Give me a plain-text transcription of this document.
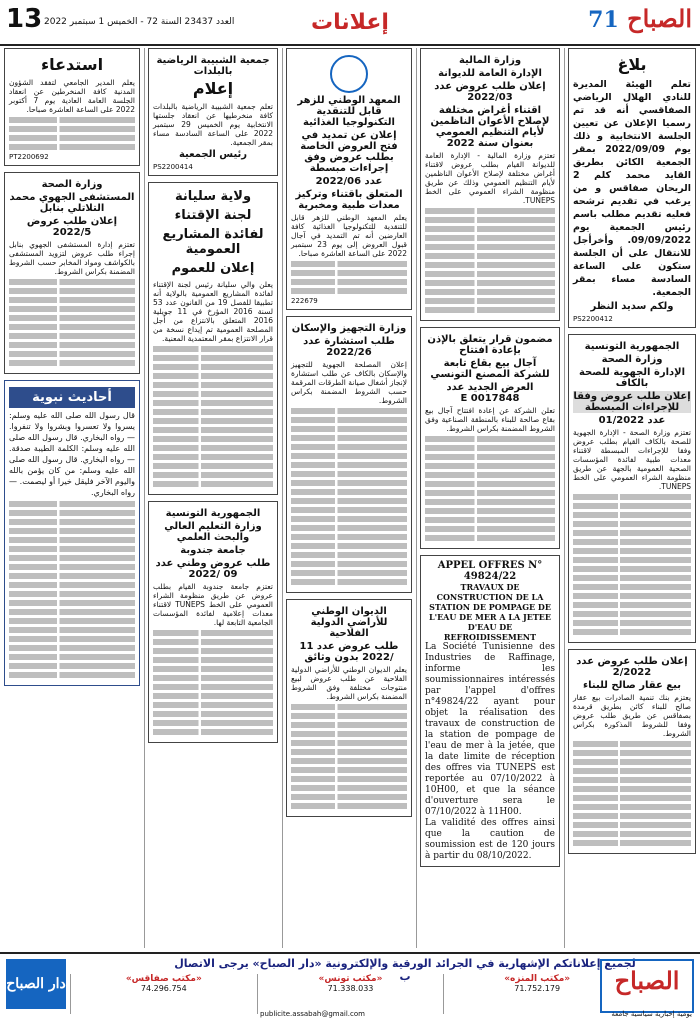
13 العدد 23437 السنة 72 - الخميس 1 سبتمبر 2022	إعلانات	الصباح 71
بلاغ
تعلم الهيئة المديرة للنادي الهلال الرياضي الصفاقسي أنه قد تم رسميا الإعلان عن تعيين الجلسة الانتخابية و ذلك يوم 2022/09/09 بمقر الجمعية الكائن بطريق القايد محمد كلم 2 الريحان صفاقس و من يرغب في تقديم ترشحه فعليه تقديم مطلب باسم رئيس الجمعية يوم 09/09/2022. وأخرأجل للانتقال على أن الجلسة ستكون على الساعة السادسة مساء بمقر الجمعية.
ولكم سديد النظر
PS2200412
الجمهورية التونسية
وزارة الصحة
الإدارة الجهوية للصحة بالكاف
إعلان طلب عروض وفقا للإجراءات المبسطة
عدد 01/2022
تعتزم وزارة الصحة - الإدارة الجهوية للصحة بالكاف القيام بطلب عروض وفقا للإجراءات المبسطة لاقتناء معدات طبية لفائدة المؤسسات الصحية العمومية بالجهة عن طريق منظومة الشراء العمومي على الخط TUNEPS.
إعلان طلب عروض عدد 2/2022
بيع عقار صالح للبناء
يعتزم بنك تنمية الصادرات بيع عقار صالح للبناء كائن بطريق قرمدة بصفاقس عن طريق طلب عروض وفقا للشروط المذكورة بكراس الشروط.
وزارة المالية
الإدارة العامة للديوانة
إعلان طلب عروض عدد 2022/03
اقتناء أغراض مختلفة لإصلاح الأعوان الناظمين لأيام التنظيم العمومي بعنوان سنة 2022
تعتزم وزارة المالية - الإدارة العامة للديوانة القيام بطلب عروض لاقتناء أغراض مختلفة لإصلاح الأعوان الناظمين لأيام التنظيم العمومي وذلك عن طريق منظومة الشراء العمومي على الخط TUNEPS.
مضمون قرار يتعلق بالإذن بإعادة افتتاح
آجال بيع بقاع تابعة للشركة المصنع التونسي
العرض الجديد عدد 0017848 E
تعلن الشركة عن إعادة افتتاح آجال بيع بقاع صالحة للبناء بالمنطقة الصناعية وفق الشروط المضمنة بكراس الشروط.
APPEL OFFRES N° 49824/22
TRAVAUX DE CONSTRUCTION DE LA STATION DE POMPAGE DE L'EAU DE MER A LA JETEE D'EAU DE REFROIDISSEMENT
La Société Tunisienne des Industries de Raffinage, informe les soumissionnaires intéressés par l'appel d'offres n°49824/22 ayant pour objet la réalisation des travaux de construction de la station de pompage de l'eau de mer à la jetée, que la date limite de réception des offres via TUNEPS est reportée au 07/10/2022 à 10H00, et que la séance d'ouverture sera le 07/10/2022 à 11H00.
La validité des offres ainsi que la caution de soumission est de 120 jours à partir du 08/10/2022.
المعهد الوطني للزهر قابل للتنقدية التكنولوجيا الغذائية
إعلان عن تمديد في فتح العروض الخاصة بطلب عروض وفق إجراءات مبسطة
عدد 2022/06
المتعلق باقتناء وتركيز معدات طبية ومخبرية
يعلم المعهد الوطني للزهر قابل للتنقدية للتكنولوجيا الغذائية كافة العارضين أنه تم التمديد في آجال قبول العروض إلى يوم 23 سبتمبر 2022 على الساعة العاشرة صباحا.
222679
وزارة التجهيز والإسكان
طلب استشارة عدد 2022/26
إعلان المصلحة الجهوية للتجهيز والإسكان بالكاف عن طلب استشارة لإنجاز أشغال صيانة الطرقات المرقمة حسب الشروط المضمنة بكراس الشروط.
الديوان الوطني للأراضي الدولية الفلاحية
طلب عروض عدد 11 /2022 بدون وثائق
يعلم الديوان الوطني للأراضي الدولية الفلاحية عن طلب عروض لبيع منتوجات مختلفة وفق الشروط المضمنة بكراس الشروط.
جمعية الشبيبة الرياضية بالبلدات
إعلام
تعلم جمعية الشبيبة الرياضية بالبلدات كافة منخرطيها عن انعقاد جلستها الانتخابية يوم الخميس 29 سبتمبر 2022 على الساعة السادسة مساء بمقر الجمعية.
رئيس الجمعية
PS2200414
ولاية سليانة
لجنة الإقتناء
لفائدة المشاريع العمومية
إعلان للعموم
يعلن والي سليانة رئيس لجنة الإقتناء لفائدة المشاريع العمومية بالولاية أنه تطبيقا للفصل 19 من القانون عدد 53 لسنة 2016 المؤرخ في 11 جويلية 2016 المتعلق بالانتزاع من أجل المصلحة العمومية تم إيداع نسخة من قرار الانتزاع بمقر المعتمدية المعنية.
الجمهورية التونسية
وزارة التعليم العالي والبحث العلمي
جامعة جندوبة
طلب عروض وطني عدد 09 /2022
تعتزم جامعة جندوبة القيام بطلب عروض عن طريق منظومة الشراء العمومي على الخط TUNEPS لاقتناء معدات إعلامية لفائدة المؤسسات الجامعية التابعة لها.
استدعاء
يعلم المدير الجامعي لتفقد الشؤون المدنية كافة المنخرطين عن انعقاد الجلسة العامة العادية يوم 7 أكتوبر 2022 على الساعة العاشرة صباحا.
PT2200692
وزارة الصحة
المستشفى الجهوي محمد التلاتلي بنابل
إعلان طلب عروض 2022/5
تعتزم إدارة المستشفى الجهوي بنابل إجراء طلب عروض لتزويد المستشفى بالكواشف ومواد المخابر حسب الشروط المضمنة بكراس الشروط.
أحاديث نبوية
قال رسول الله صلى الله عليه وسلم: يسروا ولا تعسروا وبشروا ولا تنفروا. — رواه البخاري. قال رسول الله صلى الله عليه وسلم: الكلمة الطيبة صدقة. — رواه البخاري. قال رسول الله صلى الله عليه وسلم: من كان يؤمن بالله واليوم الآخر فليقل خيرا أو ليصمت. — رواه البخاري.
دار الصباح
لجميع إعلاناتكم الإشهارية في الجرائد الورقية والإلكترونية «دار الصباح» يرجى الاتصال ب	«مكتب المنزه»
71.752.179
«مكتب تونس»
71.338.033
«مكتب صفاقس»
74.296.754
publicite.assabah@gmail.com
الصباح
يومية إخبارية سياسية جامعة
